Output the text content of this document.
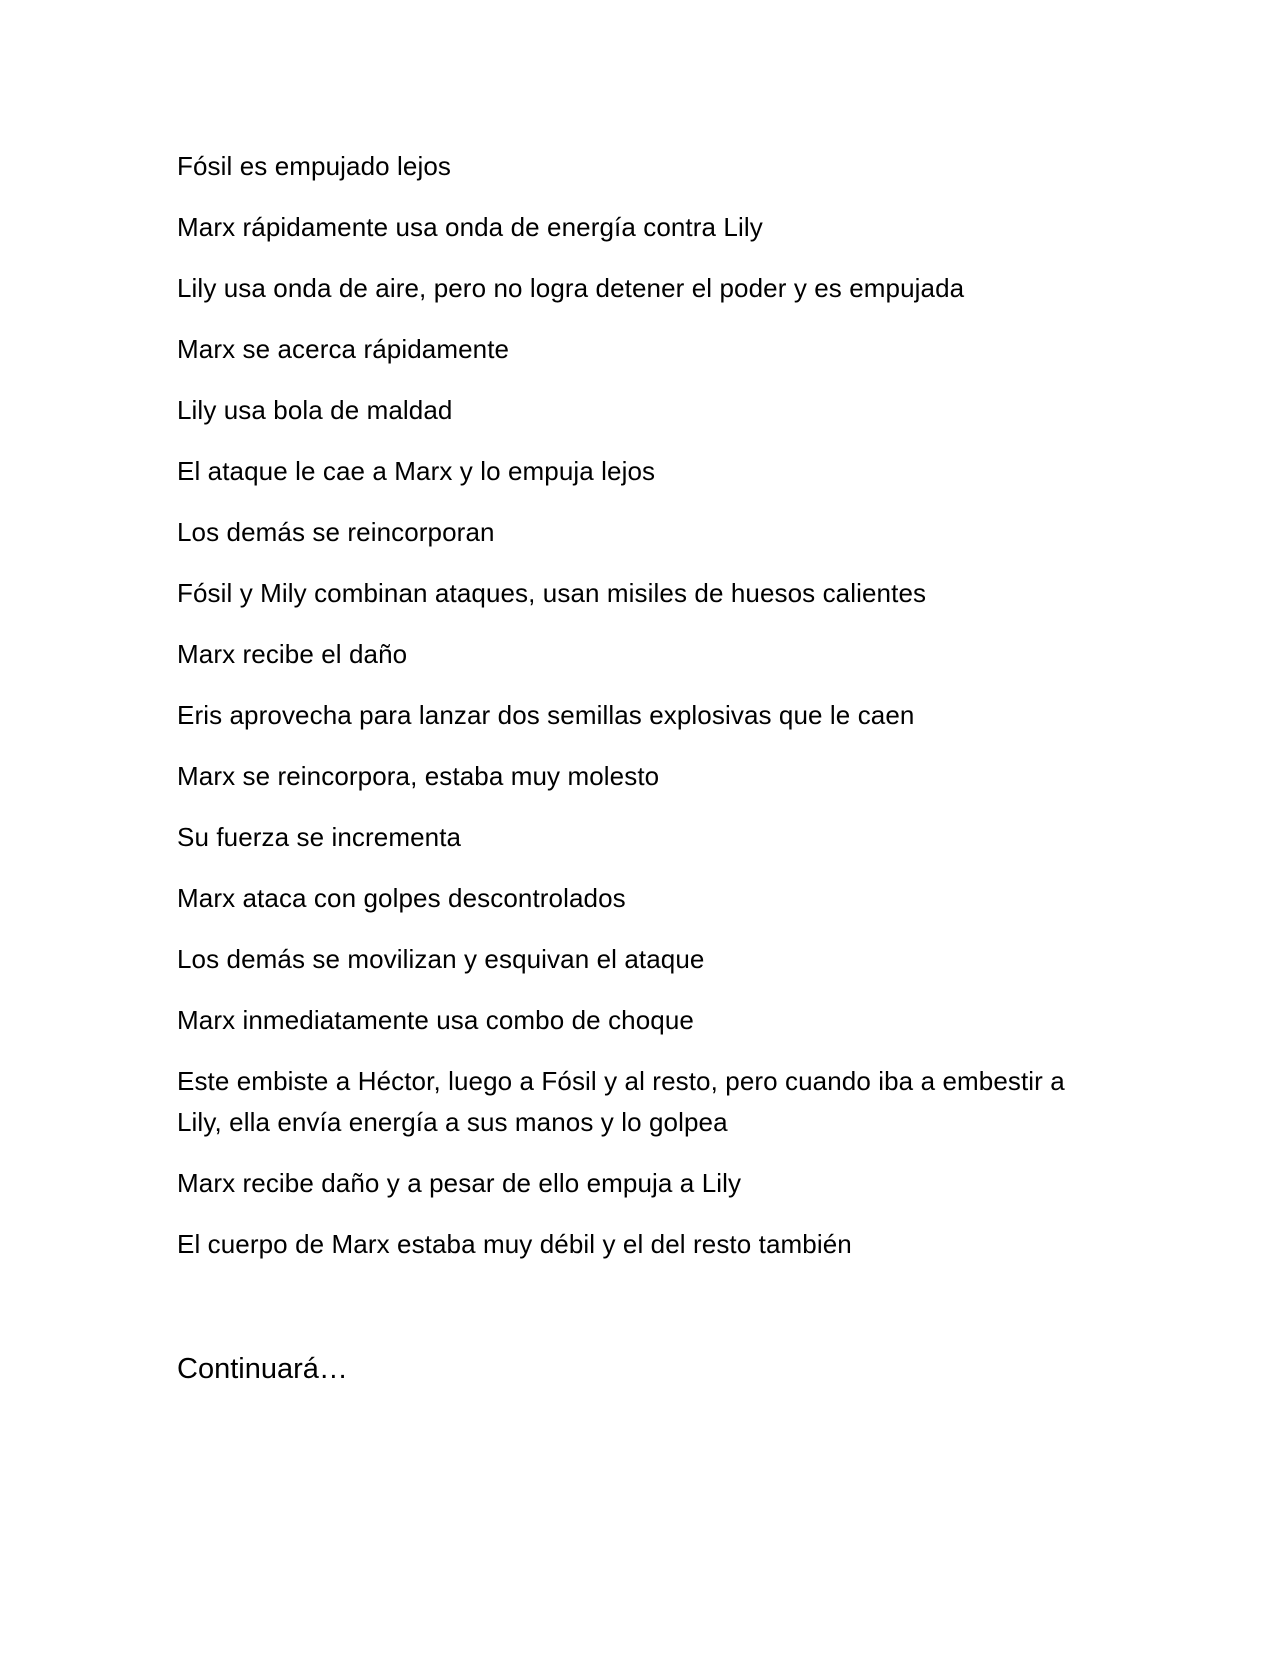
Fósil es empujado lejos

Marx rápidamente usa onda de energía contra Lily

Lily usa onda de aire, pero no logra detener el poder y es empujada

Marx se acerca rápidamente

Lily usa bola de maldad

El ataque le cae a Marx y lo empuja lejos

Los demás se reincorporan

Fósil y Mily combinan ataques, usan misiles de huesos calientes

Marx recibe el daño

Eris aprovecha para lanzar dos semillas explosivas que le caen

Marx se reincorpora, estaba muy molesto

Su fuerza se incrementa

Marx ataca con golpes descontrolados

Los demás se movilizan y esquivan el ataque

Marx inmediatamente usa combo de choque

Este embiste a Héctor, luego a Fósil y al resto, pero cuando iba a embestir a Lily, ella envía energía a sus manos y lo golpea

Marx recibe daño y a pesar de ello empuja a Lily

El cuerpo de Marx estaba muy débil y el del resto también

Continuará…
